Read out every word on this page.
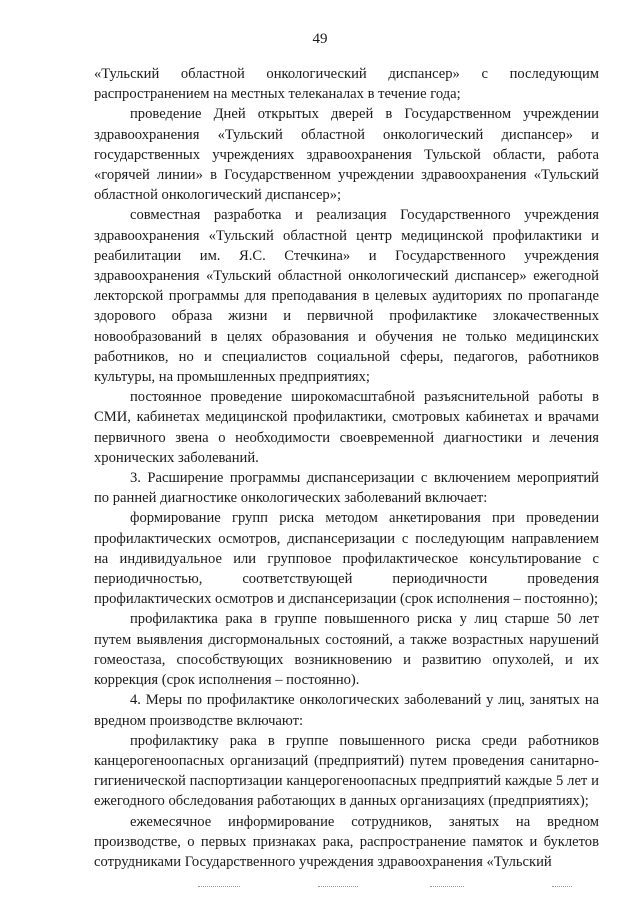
49

«Тульский областной онкологический диспансер» с последующим распространением на местных телеканалах в течение года;

проведение Дней открытых дверей в Государственном учреждении здравоохранения «Тульский областной онкологический диспансер» и государственных учреждениях здравоохранения Тульской области, работа «горячей линии» в Государственном учреждении здравоохранения «Тульский областной онкологический диспансер»;

совместная разработка и реализация Государственного учреждения здравоохранения «Тульский областной центр медицинской профилактики и реабилитации им. Я.С. Стечкина» и Государственного учреждения здравоохранения «Тульский областной онкологический диспансер» ежегодной лекторской программы для преподавания в целевых аудиториях по пропаганде здорового образа жизни и первичной профилактике злокачественных новообразований в целях образования и обучения не только медицинских работников, но и специалистов социальной сферы, педагогов, работников культуры, на промышленных предприятиях;

постоянное проведение широкомасштабной разъяснительной работы в СМИ, кабинетах медицинской профилактики, смотровых кабинетах и врачами первичного звена о необходимости своевременной диагностики и лечения хронических заболеваний.

3. Расширение программы диспансеризации с включением мероприятий по ранней диагностике онкологических заболеваний включает:

формирование групп риска методом анкетирования при проведении профилактических осмотров, диспансеризации с последующим направлением на индивидуальное или групповое профилактическое консультирование с периодичностью, соответствующей периодичности проведения профилактических осмотров и диспансеризации (срок исполнения – постоянно);

профилактика рака в группе повышенного риска у лиц старше 50 лет путем выявления дисгормональных состояний, а также возрастных нарушений гомеостаза, способствующих возникновению и развитию опухолей, и их коррекция (срок исполнения – постоянно).

4. Меры по профилактике онкологических заболеваний у лиц, занятых на вредном производстве включают:

профилактику рака в группе повышенного риска среди работников канцерогеноопасных организаций (предприятий) путем проведения санитарно-гигиенической паспортизации канцерогеноопасных предприятий каждые 5 лет и ежегодного обследования работающих в данных организациях (предприятиях);

ежемесячное информирование сотрудников, занятых на вредном производстве, о первых признаках рака, распространение памяток и буклетов сотрудниками Государственного учреждения здравоохранения «Тульский
